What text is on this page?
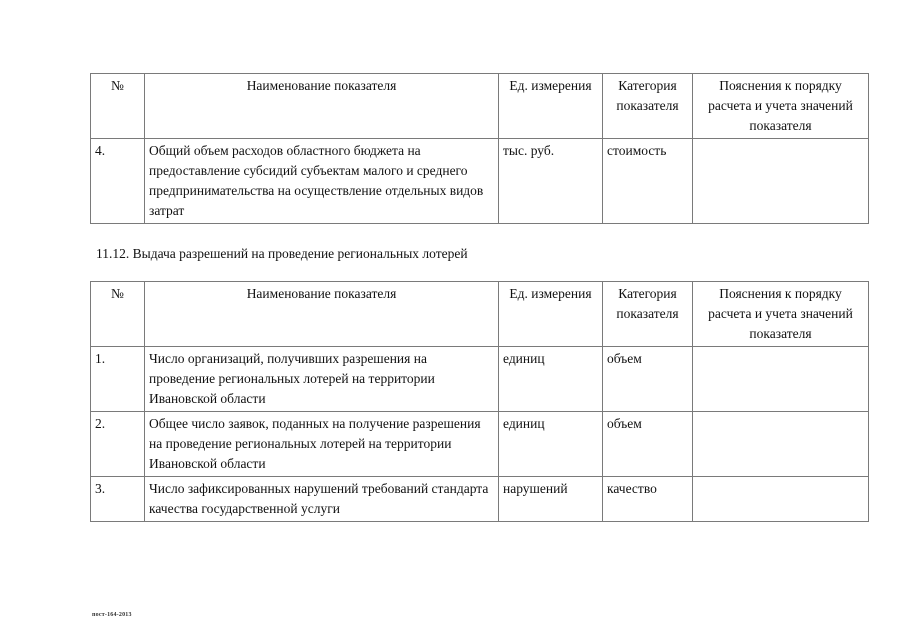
№	Наименование показателя	Ед. измерения	Категория показателя	Пояснения к порядку расчета и учета значений показателя
4.	Общий объем расходов областного бюджета на предоставление субсидий субъектам малого и среднего предпринимательства на осуществление отдельных видов затрат	тыс. руб.	стоимость	
11.12. Выдача разрешений на проведение региональных лотерей
№	Наименование показателя	Ед. измерения	Категория показателя	Пояснения к порядку расчета и учета значений показателя
1.	Число организаций, получивших разрешения на проведение региональных лотерей на территории Ивановской области	единиц	объем	
2.	Общее число заявок, поданных на получение разрешения на проведение региональных лотерей на территории Ивановской области	единиц	объем	
3.	Число зафиксированных нарушений требований стандарта качества государственной услуги	нарушений	качество	
пост-164-2013
